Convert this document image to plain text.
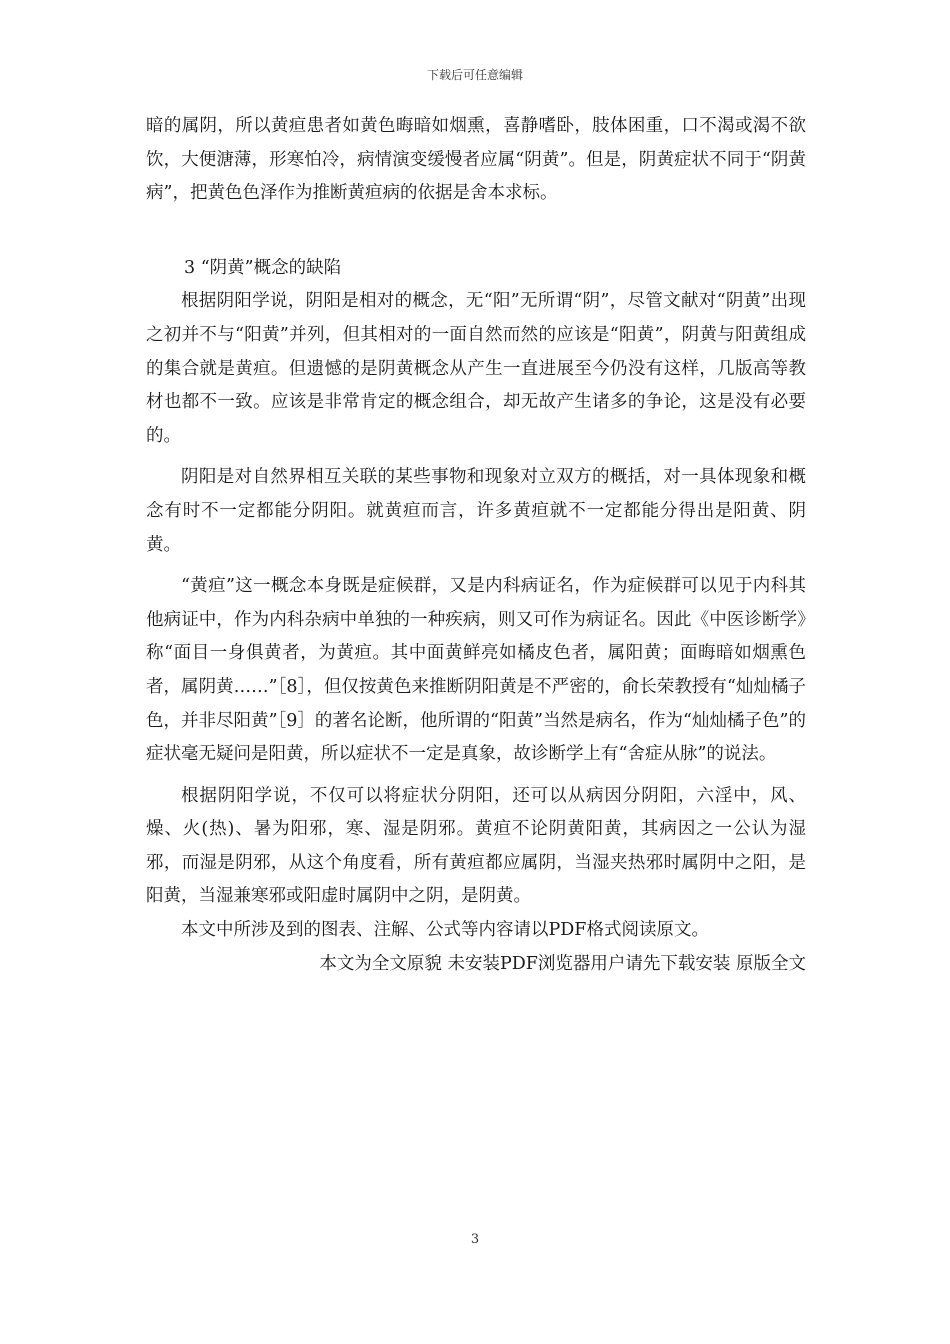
下载后可任意编辑

暗的属阴，所以黄疸患者如黄色晦暗如烟熏，喜静嗜卧，肢体困重，口不渴或渴不欲饮，大便溏薄，形寒怕冷，病情演变缓慢者应属“阴黄”。但是，阴黄症状不同于“阴黄病”，把黄色色泽作为推断黄疸病的依据是舍本求标。

3 “阴黄”概念的缺陷

根据阴阳学说，阴阳是相对的概念，无“阳”无所谓“阴”，尽管文献对“阴黄”出现之初并不与“阳黄”并列，但其相对的一面自然而然的应该是“阳黄”，阴黄与阳黄组成的集合就是黄疸。但遗憾的是阴黄概念从产生一直进展至今仍没有这样，几版高等教材也都不一致。应该是非常肯定的概念组合，却无故产生诸多的争论，这是没有必要的。

阴阳是对自然界相互关联的某些事物和现象对立双方的概括，对一具体现象和概念有时不一定都能分阴阳。就黄疸而言，许多黄疸就不一定都能分得出是阳黄、阴黄。

“黄疸”这一概念本身既是症候群，又是内科病证名，作为症候群可以见于内科其他病证中，作为内科杂病中单独的一种疾病，则又可作为病证名。因此《中医诊断学》称“面目一身俱黄者，为黄疸。其中面黄鲜亮如橘皮色者，属阳黄；面晦暗如烟熏色者，属阴黄……”［8］，但仅按黄色来推断阴阳黄是不严密的，俞长荣教授有“灿灿橘子色，并非尽阳黄”［9］的著名论断，他所谓的“阳黄”当然是病名，作为“灿灿橘子色”的症状毫无疑问是阳黄，所以症状不一定是真象，故诊断学上有“舍症从脉”的说法。

根据阴阳学说，不仅可以将症状分阴阳，还可以从病因分阴阳，六淫中，风、燥、火(热)、暑为阳邪，寒、湿是阴邪。黄疸不论阴黄阳黄，其病因之一公认为湿邪，而湿是阴邪，从这个角度看，所有黄疸都应属阴，当湿夹热邪时属阴中之阳，是阳黄，当湿兼寒邪或阳虚时属阴中之阴，是阴黄。

本文中所涉及到的图表、注解、公式等内容请以PDF格式阅读原文。

本文为全文原貌 未安装PDF浏览器用户请先下载安装 原版全文

3
